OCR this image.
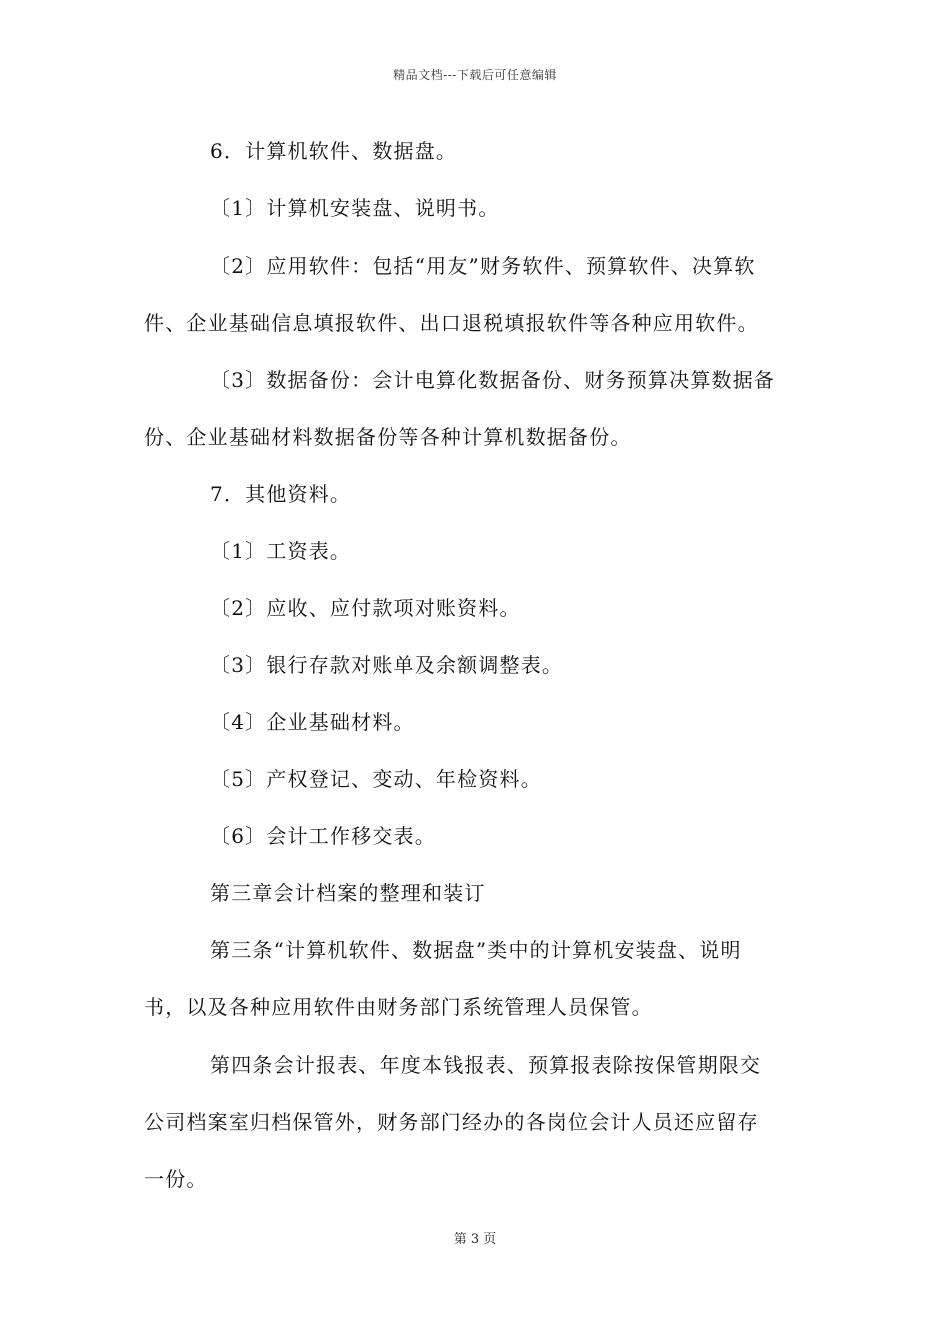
精品文档---下载后可任意编辑
6．计算机软件、数据盘。
〔1〕计算机安装盘、说明书。
〔2〕应用软件：包括“用友”财务软件、预算软件、决算软
件、企业基础信息填报软件、出口退税填报软件等各种应用软件。
〔3〕数据备份：会计电算化数据备份、财务预算决算数据备
份、企业基础材料数据备份等各种计算机数据备份。
7．其他资料。
〔1〕工资表。
〔2〕应收、应付款项对账资料。
〔3〕银行存款对账单及余额调整表。
〔4〕企业基础材料。
〔5〕产权登记、变动、年检资料。
〔6〕会计工作移交表。
第三章会计档案的整理和装订
第三条“计算机软件、数据盘”类中的计算机安装盘、说明
书，以及各种应用软件由财务部门系统管理人员保管。
第四条会计报表、年度本钱报表、预算报表除按保管期限交
公司档案室归档保管外，财务部门经办的各岗位会计人员还应留存
一份。
第 3 页
